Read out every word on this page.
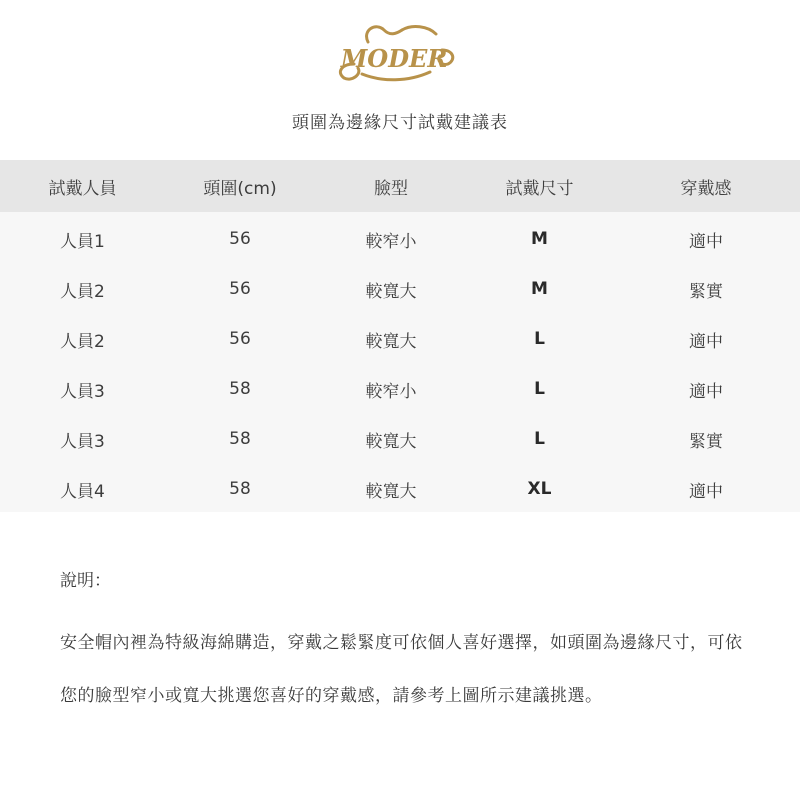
MODER
頭圍為邊緣尺寸試戴建議表
試戴人員	頭圍(cm)	臉型	試戴尺寸	穿戴感
人員1	56	較窄小	M	適中
人員2	56	較寬大	M	緊實
人員2	56	較寬大	L	適中
人員3	58	較窄小	L	適中
人員3	58	較寬大	L	緊實
人員4	58	較寬大	XL	適中
說明：
安全帽內裡為特級海綿購造，穿戴之鬆緊度可依個人喜好選擇，如頭圍為邊緣尺寸，可依您的臉型窄小或寬大挑選您喜好的穿戴感，請參考上圖所示建議挑選。
